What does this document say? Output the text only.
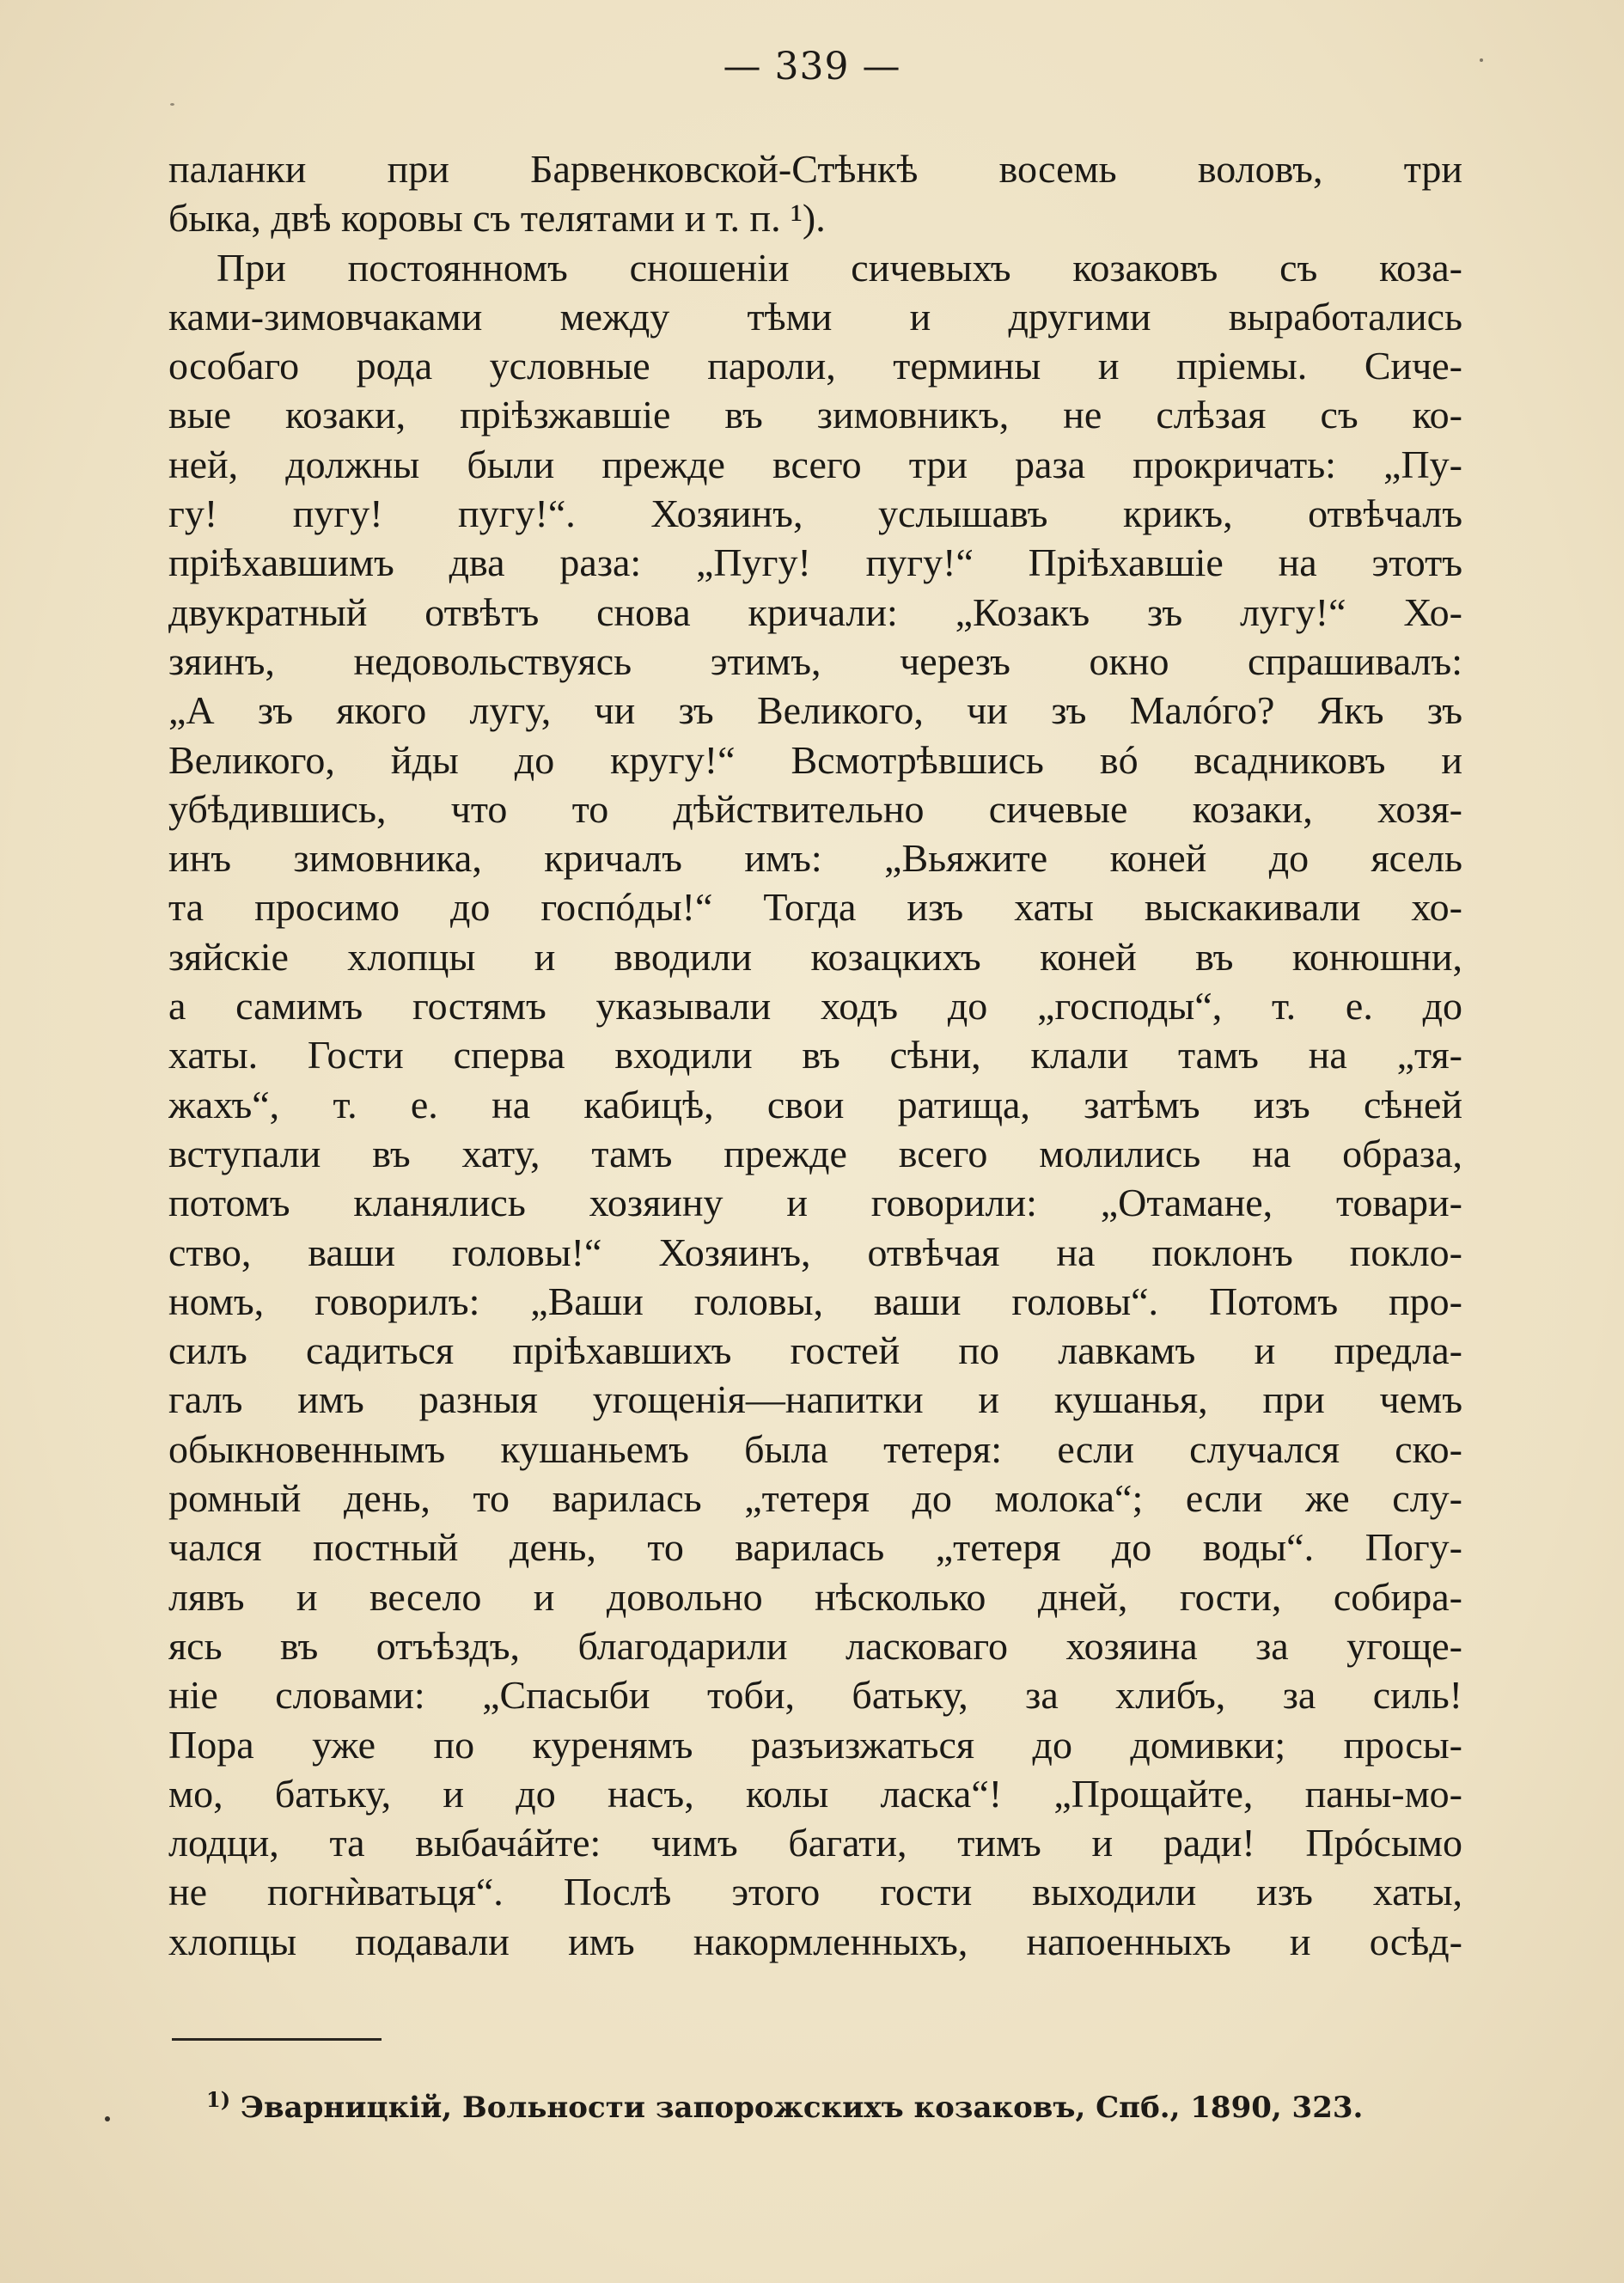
— 339 —
паланки при Барвенковской-Стѣнкѣ восемь воловъ, три
быка, двѣ коровы съ телятами и т. п. ¹).
При постоянномъ сношеніи сичевыхъ козаковъ съ коза-
ками-зимовчаками между тѣми и другими выработались
особаго рода условные пароли, термины и пріемы. Сиче-
вые козаки, пріѣзжавшіе въ зимовникъ, не слѣзая съ ко-
ней, должны были прежде всего три раза прокричать: „Пу-
гу! пугу! пугу!“. Хозяинъ, услышавъ крикъ, отвѣчалъ
пріѣхавшимъ два раза: „Пугу! пугу!“ Пріѣхавшіе на этотъ
двукратный отвѣтъ снова кричали: „Козакъ зъ лугу!“ Хо-
зяинъ, недовольствуясь этимъ, черезъ окно спрашивалъ:
„А зъ якого лугу, чи зъ Великого, чи зъ Малóго? Якъ зъ
Великого, йды до кругу!“ Всмотрѣвшись вó всадниковъ и
убѣдившись, что то дѣйствительно сичевые козаки, хозя-
инъ зимовника, кричалъ имъ: „Вьяжите коней до ясель
та просимо до госпóды!“ Тогда изъ хаты выскакивали хо-
зяйскіе хлопцы и вводили козацкихъ коней въ конюшни,
а самимъ гостямъ указывали ходъ до „господы“, т. е. до
хаты. Гости сперва входили въ сѣни, клали тамъ на „тя-
жахъ“, т. е. на кабицѣ, свои ратища, затѣмъ изъ сѣней
вступали въ хату, тамъ прежде всего молились на образа,
потомъ кланялись хозяину и говорили: „Отамане, товари-
ство, ваши головы!“ Хозяинъ, отвѣчая на поклонъ покло-
номъ, говорилъ: „Ваши головы, ваши головы“. Потомъ про-
силъ садиться пріѣхавшихъ гостей по лавкамъ и предла-
галъ имъ разныя угощенія—напитки и кушанья, при чемъ
обыкновеннымъ кушаньемъ была тетеря: если случался ско-
ромный день, то варилась „тетеря до молока“; если же слу-
чался постный день, то варилась „тетеря до воды“. Погу-
лявъ и весело и довольно нѣсколько дней, гости, собира-
ясь въ отъѣздъ, благодарили ласковаго хозяина за угоще-
ніе словами: „Спасыби тоби, батьку, за хлибъ, за силь!
Пора уже по куренямъ разъизжаться до домивки; просы-
мо, батьку, и до насъ, колы ласка“! „Прощайте, паны-мо-
лодци, та выбачáйте: чимъ багати, тимъ и ради! Прóсымо
не погнѝватьця“. Послѣ этого гости выходили изъ хаты,
хлопцы подавали имъ накормленныхъ, напоенныхъ и осѣд-
$^{1)}$ Эварницкій, Вольности запорожскихъ козаковъ, Спб., 1890, 323.
